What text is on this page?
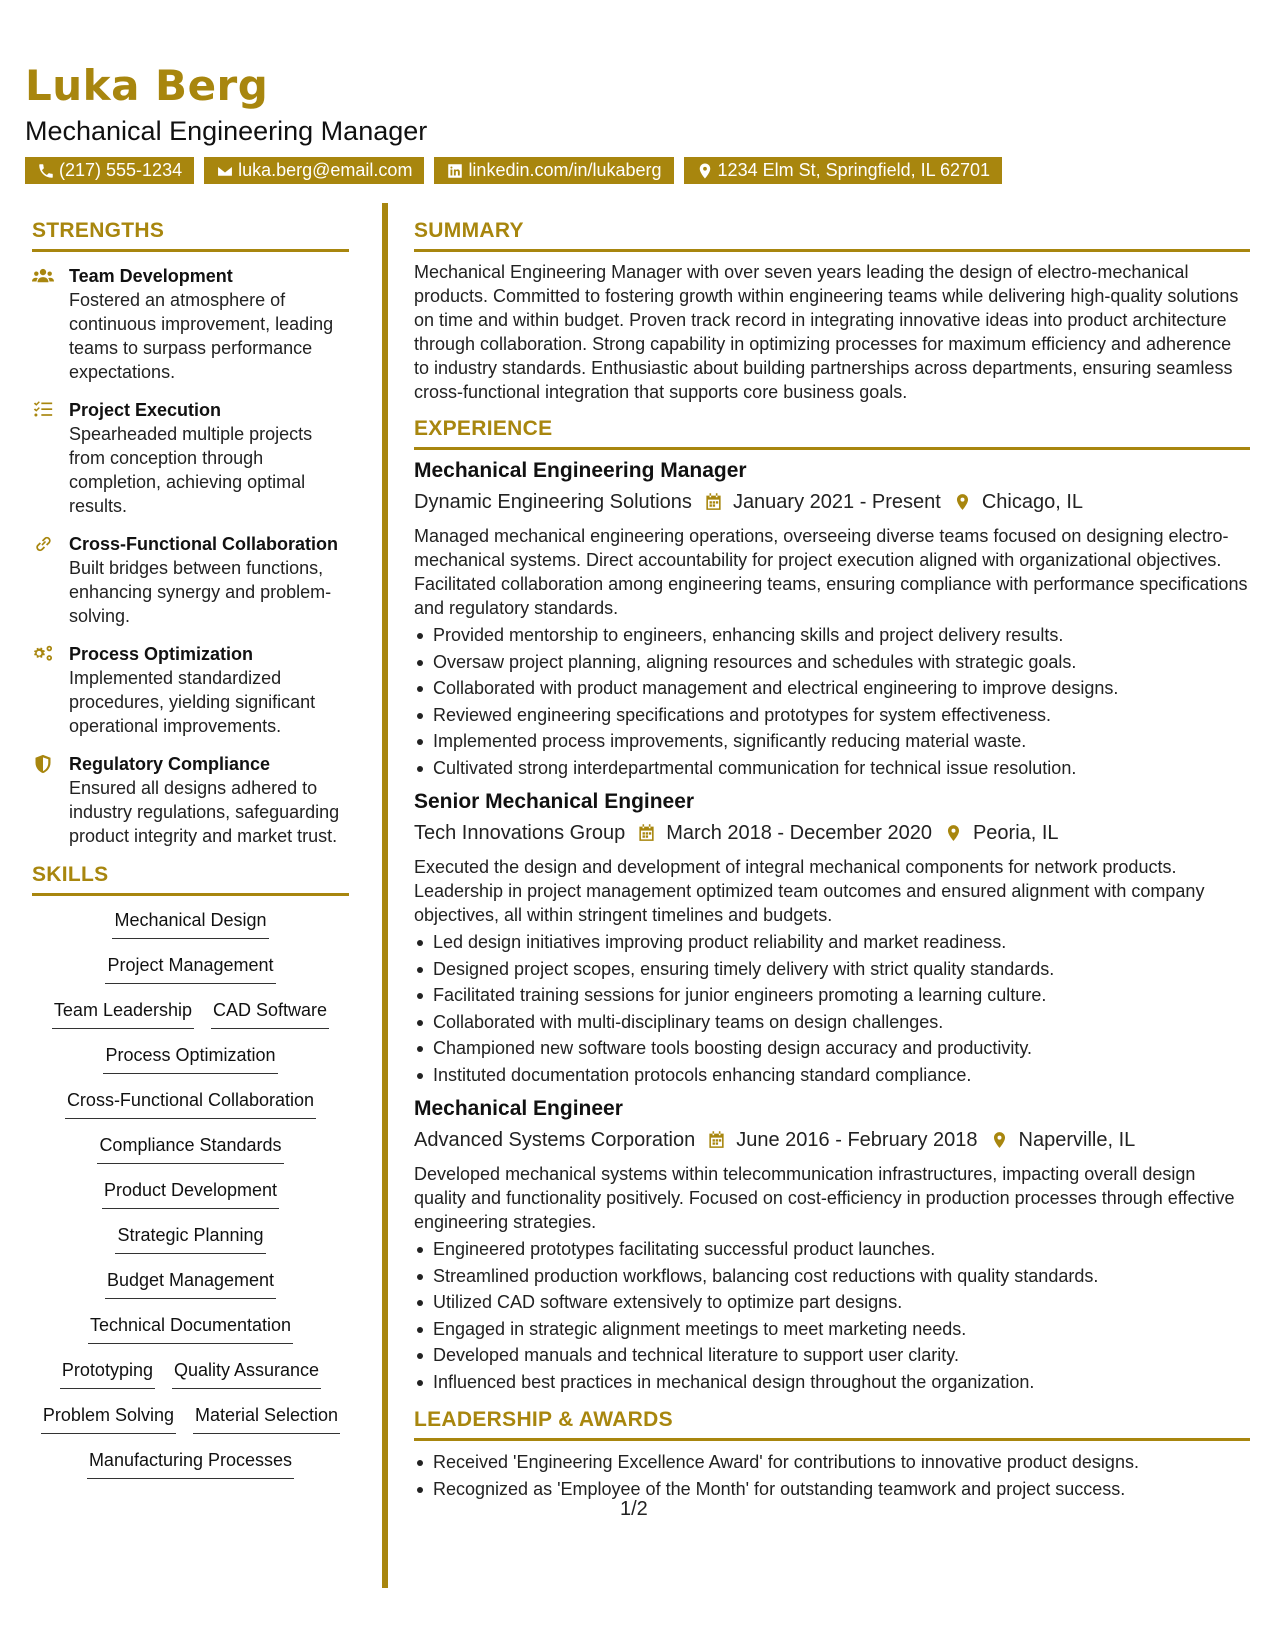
Luka Berg
Mechanical Engineering Manager
(217) 555-1234	luka.berg@email.com	linkedin.com/in/lukaberg	1234 Elm St, Springfield, IL 62701
STRENGTHS
Team Development
Fostered an atmosphere of continuous improvement, leading teams to surpass performance expectations.
Project Execution
Spearheaded multiple projects from conception through completion, achieving optimal results.
Cross-Functional Collaboration
Built bridges between functions, enhancing synergy and problem-solving.
Process Optimization
Implemented standardized procedures, yielding significant operational improvements.
Regulatory Compliance
Ensured all designs adhered to industry regulations, safeguarding product integrity and market trust.
SKILLS
Mechanical Design
Project Management
Team Leadership CAD Software
Process Optimization
Cross-Functional Collaboration
Compliance Standards
Product Development
Strategic Planning
Budget Management
Technical Documentation
Prototyping Quality Assurance
Problem Solving Material Selection
Manufacturing Processes
SUMMARY
Mechanical Engineering Manager with over seven years leading the design of electro-mechanical products. Committed to fostering growth within engineering teams while delivering high-quality solutions on time and within budget. Proven track record in integrating innovative ideas into product architecture through collaboration. Strong capability in optimizing processes for maximum efficiency and adherence to industry standards. Enthusiastic about building partnerships across departments, ensuring seamless cross-functional integration that supports core business goals.
EXPERIENCE
Mechanical Engineering Manager
Dynamic Engineering Solutions January 2021 - Present Chicago, IL
Managed mechanical engineering operations, overseeing diverse teams focused on designing electro-mechanical systems. Direct accountability for project execution aligned with organizational objectives. Facilitated collaboration among engineering teams, ensuring compliance with performance specifications and regulatory standards.
Provided mentorship to engineers, enhancing skills and project delivery results.
Oversaw project planning, aligning resources and schedules with strategic goals.
Collaborated with product management and electrical engineering to improve designs.
Reviewed engineering specifications and prototypes for system effectiveness.
Implemented process improvements, significantly reducing material waste.
Cultivated strong interdepartmental communication for technical issue resolution.
Senior Mechanical Engineer
Tech Innovations Group March 2018 - December 2020 Peoria, IL
Executed the design and development of integral mechanical components for network products. Leadership in project management optimized team outcomes and ensured alignment with company objectives, all within stringent timelines and budgets.
Led design initiatives improving product reliability and market readiness.
Designed project scopes, ensuring timely delivery with strict quality standards.
Facilitated training sessions for junior engineers promoting a learning culture.
Collaborated with multi-disciplinary teams on design challenges.
Championed new software tools boosting design accuracy and productivity.
Instituted documentation protocols enhancing standard compliance.
Mechanical Engineer
Advanced Systems Corporation June 2016 - February 2018 Naperville, IL
Developed mechanical systems within telecommunication infrastructures, impacting overall design quality and functionality positively. Focused on cost-efficiency in production processes through effective engineering strategies.
Engineered prototypes facilitating successful product launches.
Streamlined production workflows, balancing cost reductions with quality standards.
Utilized CAD software extensively to optimize part designs.
Engaged in strategic alignment meetings to meet marketing needs.
Developed manuals and technical literature to support user clarity.
Influenced best practices in mechanical design throughout the organization.
LEADERSHIP & AWARDS
Received 'Engineering Excellence Award' for contributions to innovative product designs.
Recognized as 'Employee of the Month' for outstanding teamwork and project success.
1/2
